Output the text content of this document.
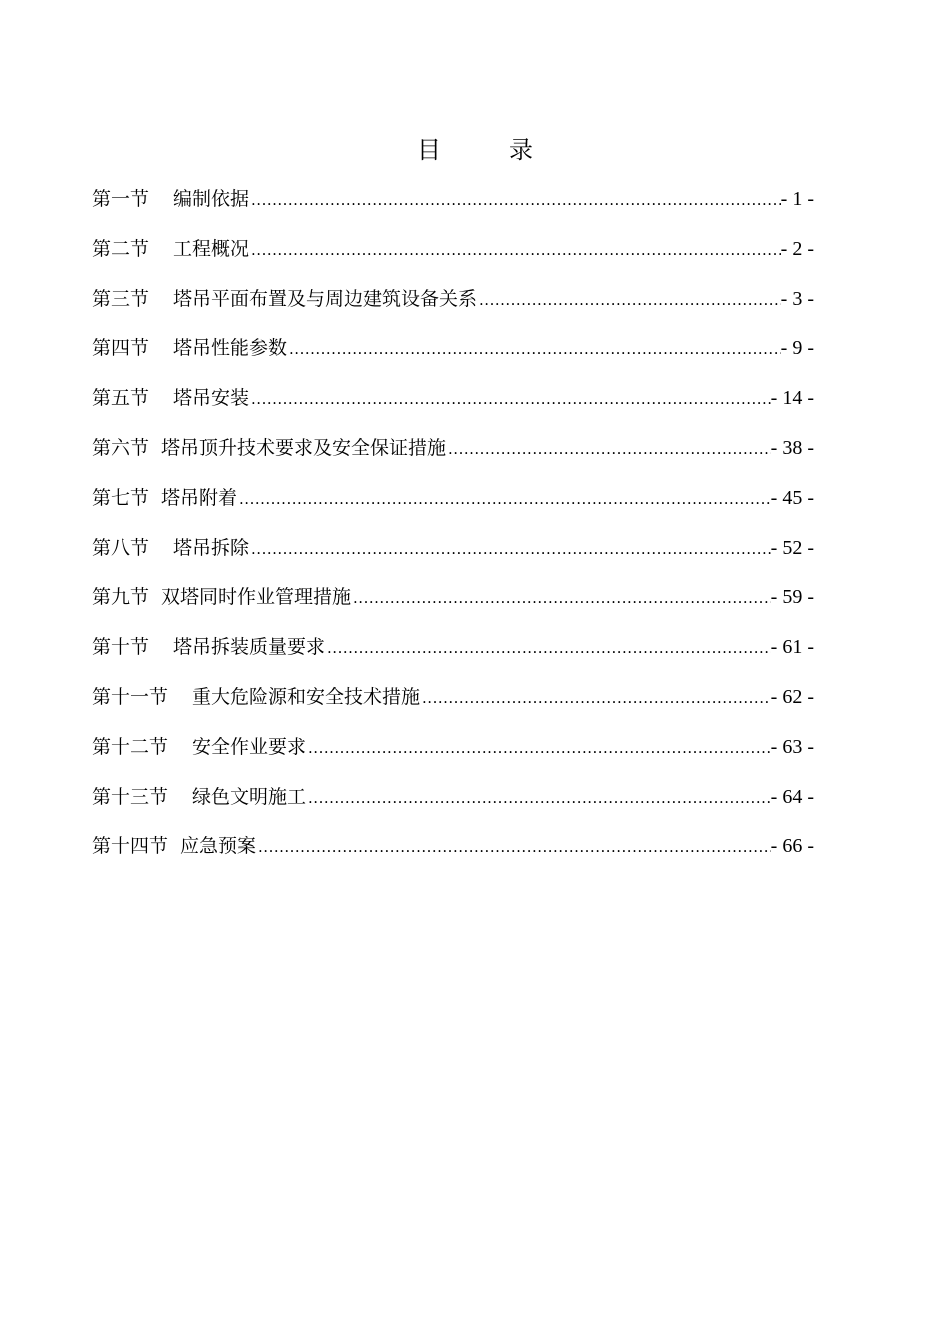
目　录
第一节 编制依据 .....	- 1 -
第二节 工程概况 .....	- 2 -
第三节 塔吊平面布置及与周边建筑设备关系 .....	- 3 -
第四节 塔吊性能参数 .....	- 9 -
第五节 塔吊安装 .....	- 14 -
第六节 塔吊顶升技术要求及安全保证措施 .....	- 38 -
第七节 塔吊附着 .....	- 45 -
第八节 塔吊拆除 .....	- 52 -
第九节 双塔同时作业管理措施 .....	- 59 -
第十节 塔吊拆装质量要求 .....	- 61 -
第十一节 重大危险源和安全技术措施 .....	- 62 -
第十二节 安全作业要求 .....	- 63 -
第十三节 绿色文明施工 .....	- 64 -
第十四节 应急预案 .....	- 66 -
